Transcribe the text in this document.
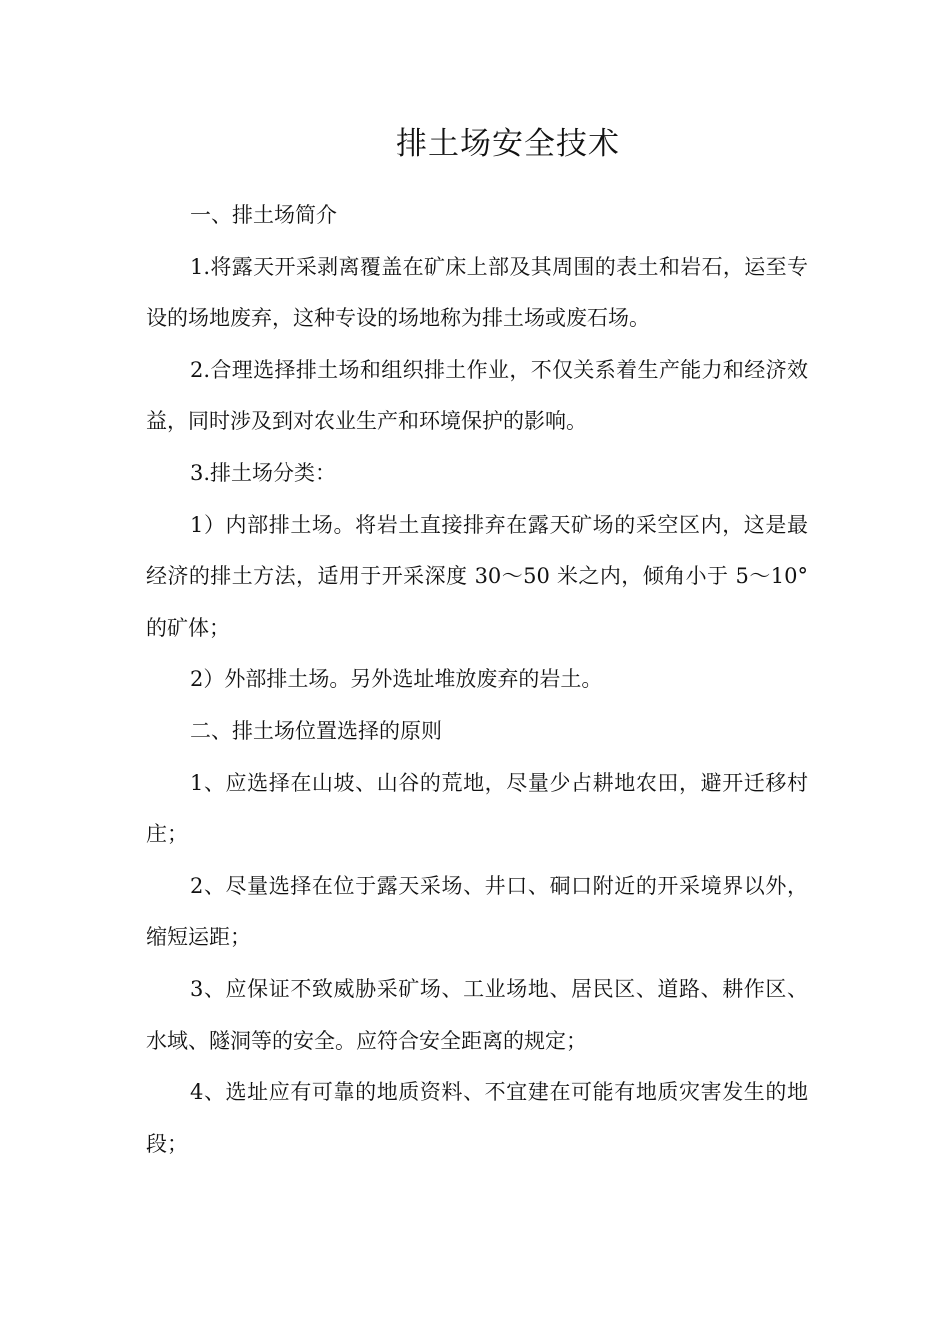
排土场安全技术

一、排土场简介

1.将露天开采剥离覆盖在矿床上部及其周围的表土和岩石，运至专设的场地废弃，这种专设的场地称为排土场或废石场。

2.合理选择排土场和组织排土作业，不仅关系着生产能力和经济效益，同时涉及到对农业生产和环境保护的影响。

3.排土场分类：

1）内部排土场。将岩土直接排弃在露天矿场的采空区内，这是最经济的排土方法，适用于开采深度 30～50 米之内，倾角小于 5～10°的矿体；

2）外部排土场。另外选址堆放废弃的岩土。

二、排土场位置选择的原则

1、应选择在山坡、山谷的荒地，尽量少占耕地农田，避开迁移村庄；

2、尽量选择在位于露天采场、井口、硐口附近的开采境界以外，缩短运距；

3、应保证不致威胁采矿场、工业场地、居民区、道路、耕作区、水域、隧洞等的安全。应符合安全距离的规定；

4、选址应有可靠的地质资料、不宜建在可能有地质灾害发生的地段；
